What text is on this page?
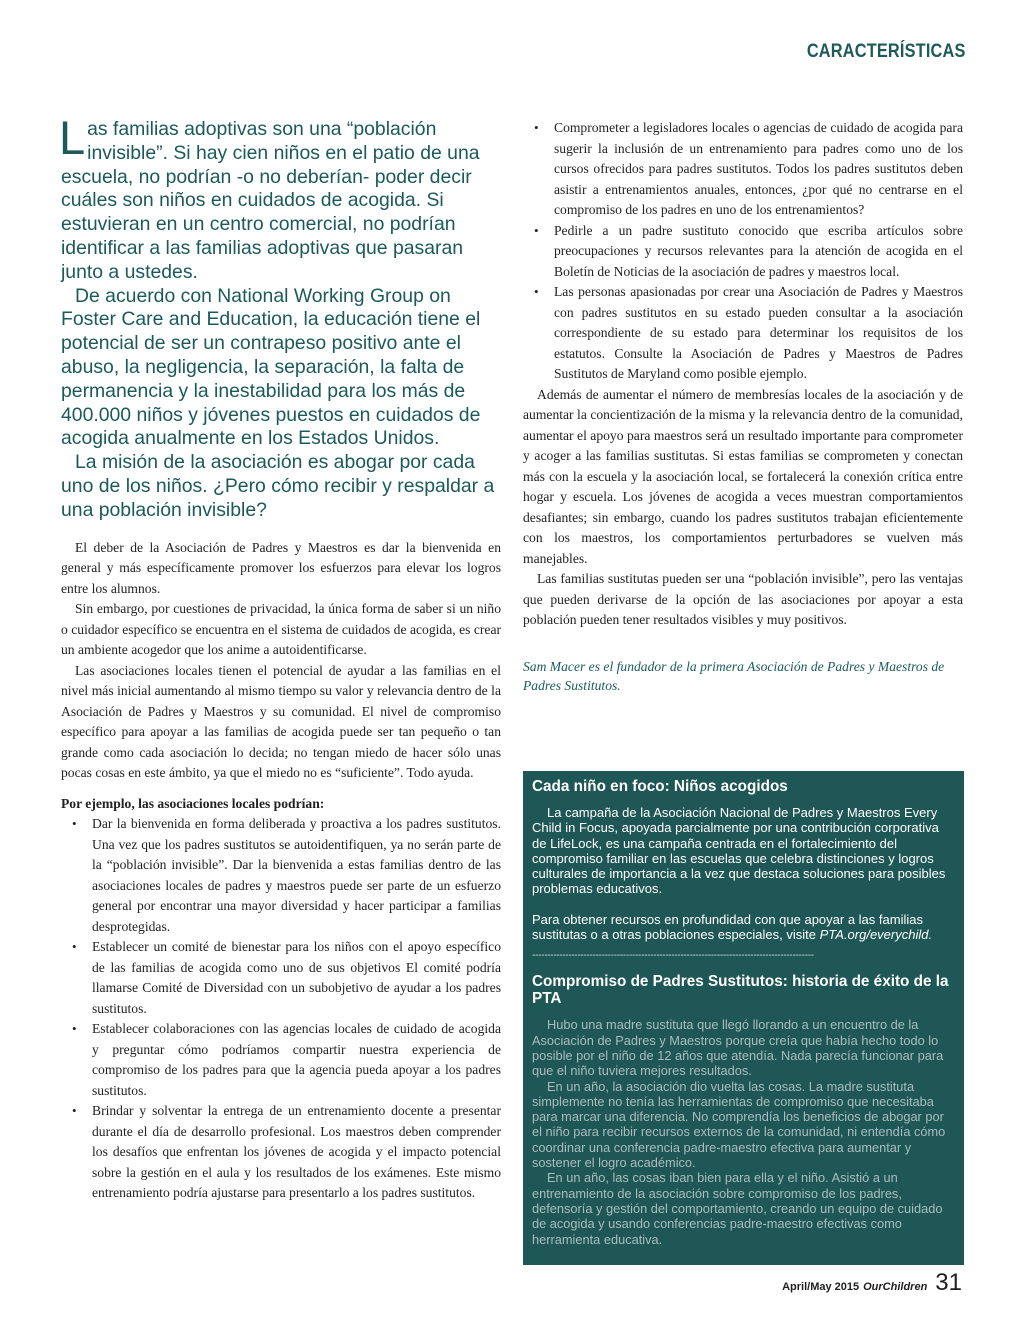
CARACTERÍSTICAS

Las familias adoptivas son una “población invisible”. Si hay cien niños en el patio de una escuela, no podrían -o no deberían- poder decir cuáles son niños en cuidados de acogida. Si estuvieran en un centro comercial, no podrían identificar a las familias adoptivas que pasaran junto a ustedes.

De acuerdo con National Working Group on Foster Care and Education, la educación tiene el potencial de ser un contrapeso positivo ante el abuso, la negligencia, la separación, la falta de permanencia y la inestabilidad para los más de 400.000 niños y jóvenes puestos en cuidados de acogida anualmente en los Estados Unidos.

La misión de la asociación es abogar por cada uno de los niños. ¿Pero cómo recibir y respaldar a una población invisible?

El deber de la Asociación de Padres y Maestros es dar la bienvenida en general y más específicamente promover los esfuerzos para elevar los logros entre los alumnos.

Sin embargo, por cuestiones de privacidad, la única forma de saber si un niño o cuidador específico se encuentra en el sistema de cuidados de acogida, es crear un ambiente acogedor que los anime a autoidentificarse.

Las asociaciones locales tienen el potencial de ayudar a las familias en el nivel más inicial aumentando al mismo tiempo su valor y relevancia dentro de la Asociación de Padres y Maestros y su comunidad. El nivel de compromiso específico para apoyar a las familias de acogida puede ser tan pequeño o tan grande como cada asociación lo decida; no tengan miedo de hacer sólo unas pocas cosas en este ámbito, ya que el miedo no es “suficiente”. Todo ayuda.

Por ejemplo, las asociaciones locales podrían:

• Dar la bienvenida en forma deliberada y proactiva a los padres sustitutos. Una vez que los padres sustitutos se autoidentifiquen, ya no serán parte de la “población invisible”. Dar la bienvenida a estas familias dentro de las asociaciones locales de padres y maestros puede ser parte de un esfuerzo general por encontrar una mayor diversidad y hacer participar a familias desprotegidas.
• Establecer un comité de bienestar para los niños con el apoyo específico de las familias de acogida como uno de sus objetivos El comité podría llamarse Comité de Diversidad con un subobjetivo de ayudar a los padres sustitutos.
• Establecer colaboraciones con las agencias locales de cuidado de acogida y preguntar cómo podríamos compartir nuestra experiencia de compromiso de los padres para que la agencia pueda apoyar a los padres sustitutos.
• Brindar y solventar la entrega de un entrenamiento docente a presentar durante el día de desarrollo profesional. Los maestros deben comprender los desafíos que enfrentan los jóvenes de acogida y el impacto potencial sobre la gestión en el aula y los resultados de los exámenes. Este mismo entrenamiento podría ajustarse para presentarlo a los padres sustitutos.
• Comprometer a legisladores locales o agencias de cuidado de acogida para sugerir la inclusión de un entrenamiento para padres como uno de los cursos ofrecidos para padres sustitutos. Todos los padres sustitutos deben asistir a entrenamientos anuales, entonces, ¿por qué no centrarse en el compromiso de los padres en uno de los entrenamientos?
• Pedirle a un padre sustituto conocido que escriba artículos sobre preocupaciones y recursos relevantes para la atención de acogida en el Boletín de Noticias de la asociación de padres y maestros local.
• Las personas apasionadas por crear una Asociación de Padres y Maestros con padres sustitutos en su estado pueden consultar a la asociación correspondiente de su estado para determinar los requisitos de los estatutos. Consulte la Asociación de Padres y Maestros de Padres Sustitutos de Maryland como posible ejemplo.

Además de aumentar el número de membresías locales de la asociación y de aumentar la concientización de la misma y la relevancia dentro de la comunidad, aumentar el apoyo para maestros será un resultado importante para comprometer y acoger a las familias sustitutas. Si estas familias se comprometen y conectan más con la escuela y la asociación local, se fortalecerá la conexión crítica entre hogar y escuela. Los jóvenes de acogida a veces muestran comportamientos desafiantes; sin embargo, cuando los padres sustitutos trabajan eficientemente con los maestros, los comportamientos perturbadores se vuelven más manejables.

Las familias sustitutas pueden ser una “población invisible”, pero las ventajas que pueden derivarse de la opción de las asociaciones por apoyar a esta población pueden tener resultados visibles y muy positivos.

Sam Macer es el fundador de la primera Asociación de Padres y Maestros de Padres Sustitutos.
Cada niño en foco: Niños acogidos

La campaña de la Asociación Nacional de Padres y Maestros Every Child in Focus, apoyada parcialmente por una contribución corporativa de LifeLock, es una campaña centrada en el fortalecimiento del compromiso familiar en las escuelas que celebra distinciones y logros culturales de importancia a la vez que destaca soluciones para posibles problemas educativos.

Para obtener recursos en profundidad con que apoyar a las familias sustitutas o a otras poblaciones especiales, visite PTA.org/everychild.

---------------------------------------------------------------------------------------------
Compromiso de Padres Sustitutos: historia de éxito de la PTA

Hubo una madre sustituta que llegó llorando a un encuentro de la Asociación de Padres y Maestros porque creía que había hecho todo lo posible por el niño de 12 años que atendía. Nada parecía funcionar para que el niño tuviera mejores resultados.

En un año, la asociación dio vuelta las cosas. La madre sustituta simplemente no tenía las herramientas de compromiso que necesitaba para marcar una diferencia. No comprendía los beneficios de abogar por el niño para recibir recursos externos de la comunidad, ni entendía cómo coordinar una conferencia padre-maestro efectiva para aumentar y sostener el logro académico.

En un año, las cosas iban bien para ella y el niño. Asistió a un entrenamiento de la asociación sobre compromiso de los padres, defensoría y gestión del comportamiento, creando un equipo de cuidado de acogida y usando conferencias padre-maestro efectivas como herramienta educativa.

April/May 2015 OurChildren 31
